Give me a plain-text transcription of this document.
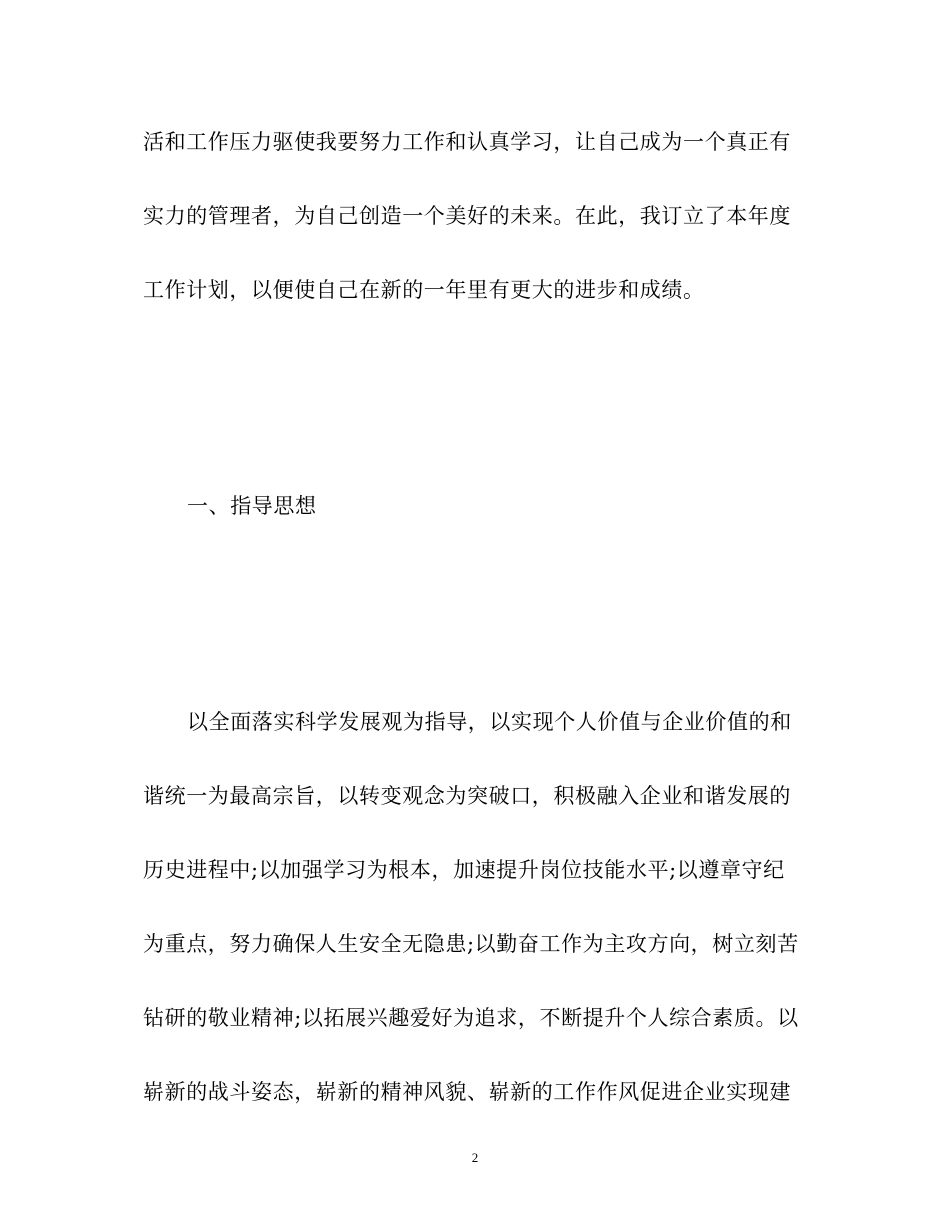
活和工作压力驱使我要努力工作和认真学习，让自己成为一个真正有
实力的管理者，为自己创造一个美好的未来。在此，我订立了本年度
工作计划，以便使自己在新的一年里有更大的进步和成绩。
一、指导思想
以全面落实科学发展观为指导，以实现个人价值与企业价值的和
谐统一为最高宗旨，以转变观念为突破口，积极融入企业和谐发展的
历史进程中;以加强学习为根本，加速提升岗位技能水平;以遵章守纪
为重点，努力确保人生安全无隐患;以勤奋工作为主攻方向，树立刻苦
钻研的敬业精神;以拓展兴趣爱好为追求，不断提升个人综合素质。以
崭新的战斗姿态，崭新的精神风貌、崭新的工作作风促进企业实现建
2
